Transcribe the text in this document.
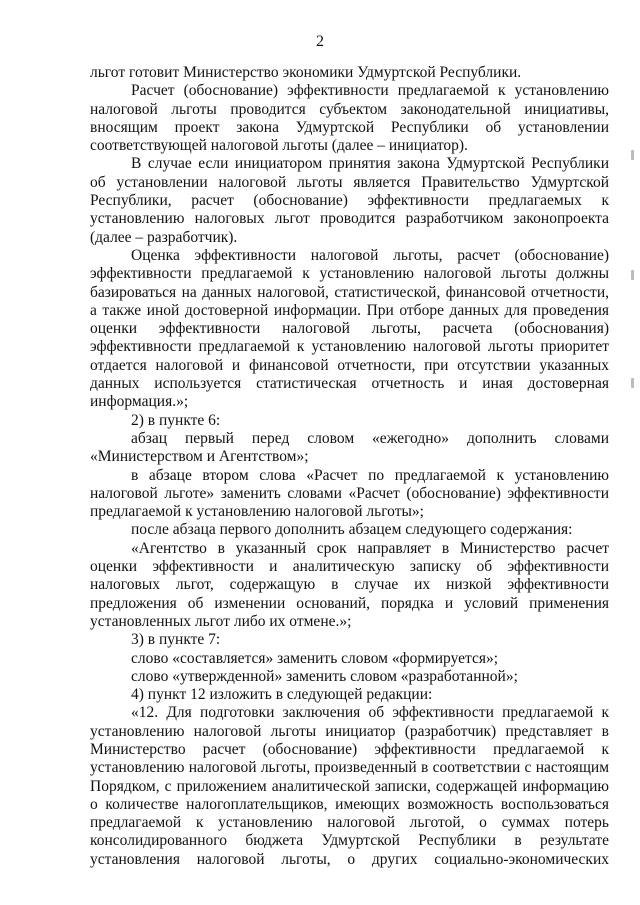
2

льгот готовит Министерство экономики Удмуртской Республики.

Расчет (обоснование) эффективности предлагаемой к установлению налоговой льготы проводится субъектом законодательной инициативы, вносящим проект закона Удмуртской Республики об установлении соответствующей налоговой льготы (далее – инициатор).

В случае если инициатором принятия закона Удмуртской Республики об установлении налоговой льготы является Правительство Удмуртской Республики, расчет (обоснование) эффективности предлагаемых к установлению налоговых льгот проводится разработчиком законопроекта (далее – разработчик).

Оценка эффективности налоговой льготы, расчет (обоснование) эффективности предлагаемой к установлению налоговой льготы должны базироваться на данных налоговой, статистической, финансовой отчетности, а также иной достоверной информации. При отборе данных для проведения оценки эффективности налоговой льготы, расчета (обоснования) эффективности предлагаемой к установлению налоговой льготы приоритет отдается налоговой и финансовой отчетности, при отсутствии указанных данных используется статистическая отчетность и иная достоверная информация.»;

2) в пункте 6:

абзац первый перед словом «ежегодно» дополнить словами «Министерством и Агентством»;

в абзаце втором слова «Расчет по предлагаемой к установлению налоговой льготе» заменить словами «Расчет (обоснование) эффективности предлагаемой к установлению налоговой льготы»;

после абзаца первого дополнить абзацем следующего содержания:

«Агентство в указанный срок направляет в Министерство расчет оценки эффективности и аналитическую записку об эффективности налоговых льгот, содержащую в случае их низкой эффективности предложения об изменении оснований, порядка и условий применения установленных льгот либо их отмене.»;

3) в пункте 7:

слово «составляется» заменить словом «формируется»;

слово «утвержденной» заменить словом «разработанной»;

4) пункт 12 изложить в следующей редакции:

«12. Для подготовки заключения об эффективности предлагаемой к установлению налоговой льготы инициатор (разработчик) представляет в Министерство расчет (обоснование) эффективности предлагаемой к установлению налоговой льготы, произведенный в соответствии с настоящим Порядком, с приложением аналитической записки, содержащей информацию о количестве налогоплательщиков, имеющих возможность воспользоваться предлагаемой к установлению налоговой льготой, о суммах потерь консолидированного бюджета Удмуртской Республики в результате установления налоговой льготы, о других социально-экономических
